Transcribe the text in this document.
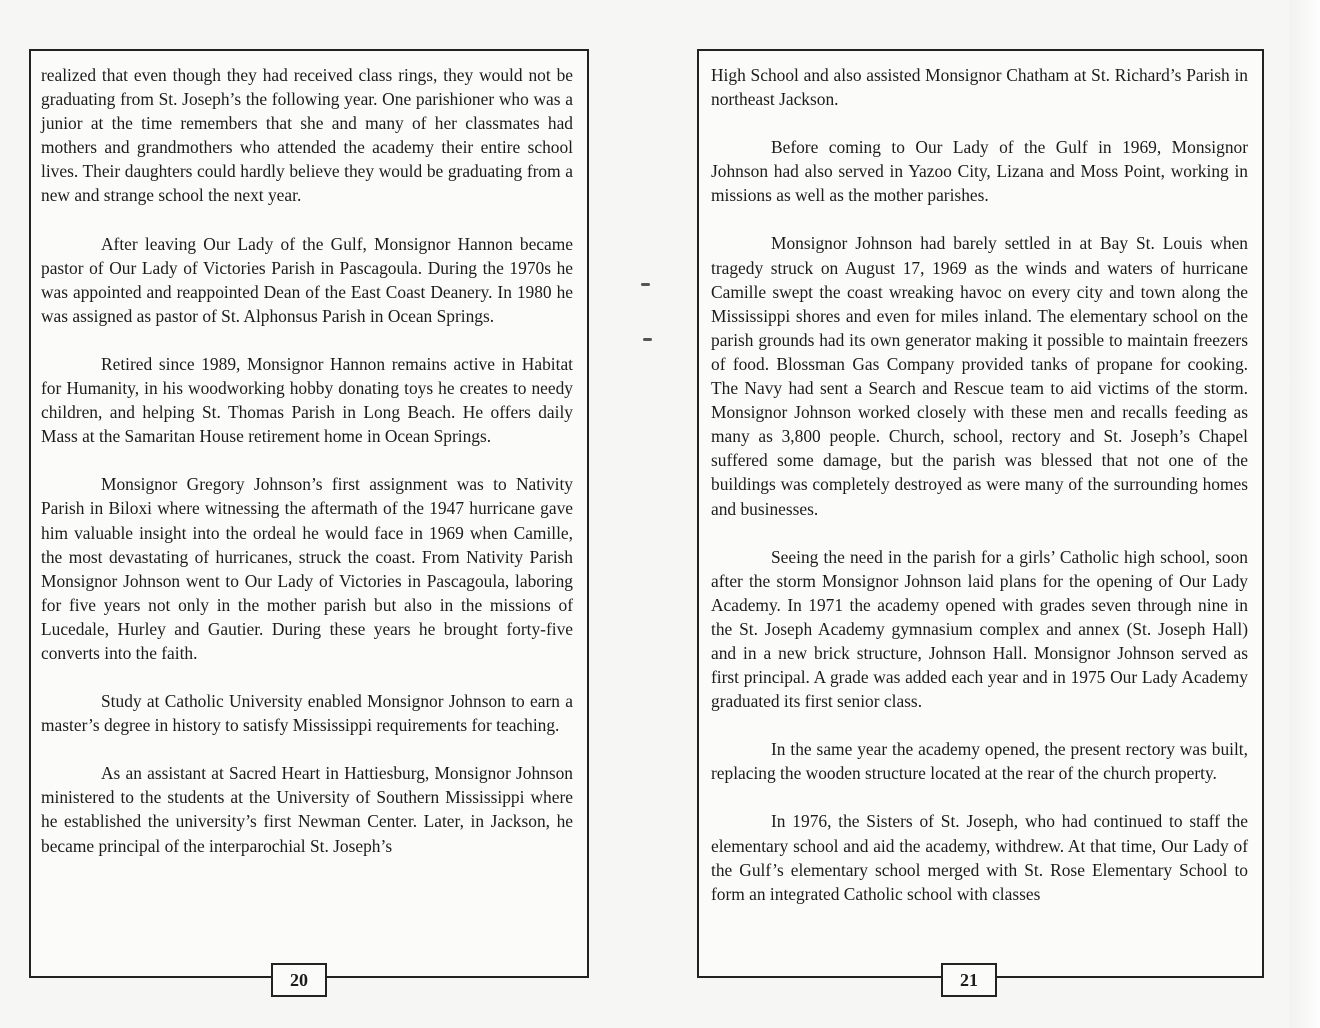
realized that even though they had received class rings, they would not be graduating from St. Joseph’s the following year. One parishioner who was a junior at the time remembers that she and many of her classmates had mothers and grandmothers who attended the academy their entire school lives. Their daughters could hardly believe they would be graduating from a new and strange school the next year.

After leaving Our Lady of the Gulf, Monsignor Hannon became pastor of Our Lady of Victories Parish in Pascagoula. During the 1970s he was appointed and reappointed Dean of the East Coast Deanery. In 1980 he was assigned as pastor of St. Alphonsus Parish in Ocean Springs.

Retired since 1989, Monsignor Hannon remains active in Habitat for Humanity, in his woodworking hobby donating toys he creates to needy children, and helping St. Thomas Parish in Long Beach. He offers daily Mass at the Samaritan House retirement home in Ocean Springs.

Monsignor Gregory Johnson’s first assignment was to Nativity Parish in Biloxi where witnessing the aftermath of the 1947 hurricane gave him valuable insight into the ordeal he would face in 1969 when Camille, the most devastating of hurricanes, struck the coast. From Nativity Parish Monsignor Johnson went to Our Lady of Victories in Pascagoula, laboring for five years not only in the mother parish but also in the missions of Lucedale, Hurley and Gautier. During these years he brought forty-five converts into the faith.

Study at Catholic University enabled Monsignor Johnson to earn a master’s degree in history to satisfy Mississippi requirements for teaching.

As an assistant at Sacred Heart in Hattiesburg, Monsignor Johnson ministered to the students at the University of Southern Mississippi where he established the university’s first Newman Center. Later, in Jackson, he became principal of the interparochial St. Joseph’s

20

High School and also assisted Monsignor Chatham at St. Richard’s Parish in northeast Jackson.

Before coming to Our Lady of the Gulf in 1969, Monsignor Johnson had also served in Yazoo City, Lizana and Moss Point, working in missions as well as the mother parishes.

Monsignor Johnson had barely settled in at Bay St. Louis when tragedy struck on August 17, 1969 as the winds and waters of hurricane Camille swept the coast wreaking havoc on every city and town along the Mississippi shores and even for miles inland. The elementary school on the parish grounds had its own generator making it possible to maintain freezers of food. Blossman Gas Company provided tanks of propane for cooking. The Navy had sent a Search and Rescue team to aid victims of the storm. Monsignor Johnson worked closely with these men and recalls feeding as many as 3,800 people. Church, school, rectory and St. Joseph’s Chapel suffered some damage, but the parish was blessed that not one of the buildings was completely destroyed as were many of the surrounding homes and businesses.

Seeing the need in the parish for a girls’ Catholic high school, soon after the storm Monsignor Johnson laid plans for the opening of Our Lady Academy. In 1971 the academy opened with grades seven through nine in the St. Joseph Academy gymnasium complex and annex (St. Joseph Hall) and in a new brick structure, Johnson Hall. Monsignor Johnson served as first principal. A grade was added each year and in 1975 Our Lady Academy graduated its first senior class.

In the same year the academy opened, the present rectory was built, replacing the wooden structure located at the rear of the church property.

In 1976, the Sisters of St. Joseph, who had continued to staff the elementary school and aid the academy, withdrew. At that time, Our Lady of the Gulf’s elementary school merged with St. Rose Elementary School to form an integrated Catholic school with classes

21
